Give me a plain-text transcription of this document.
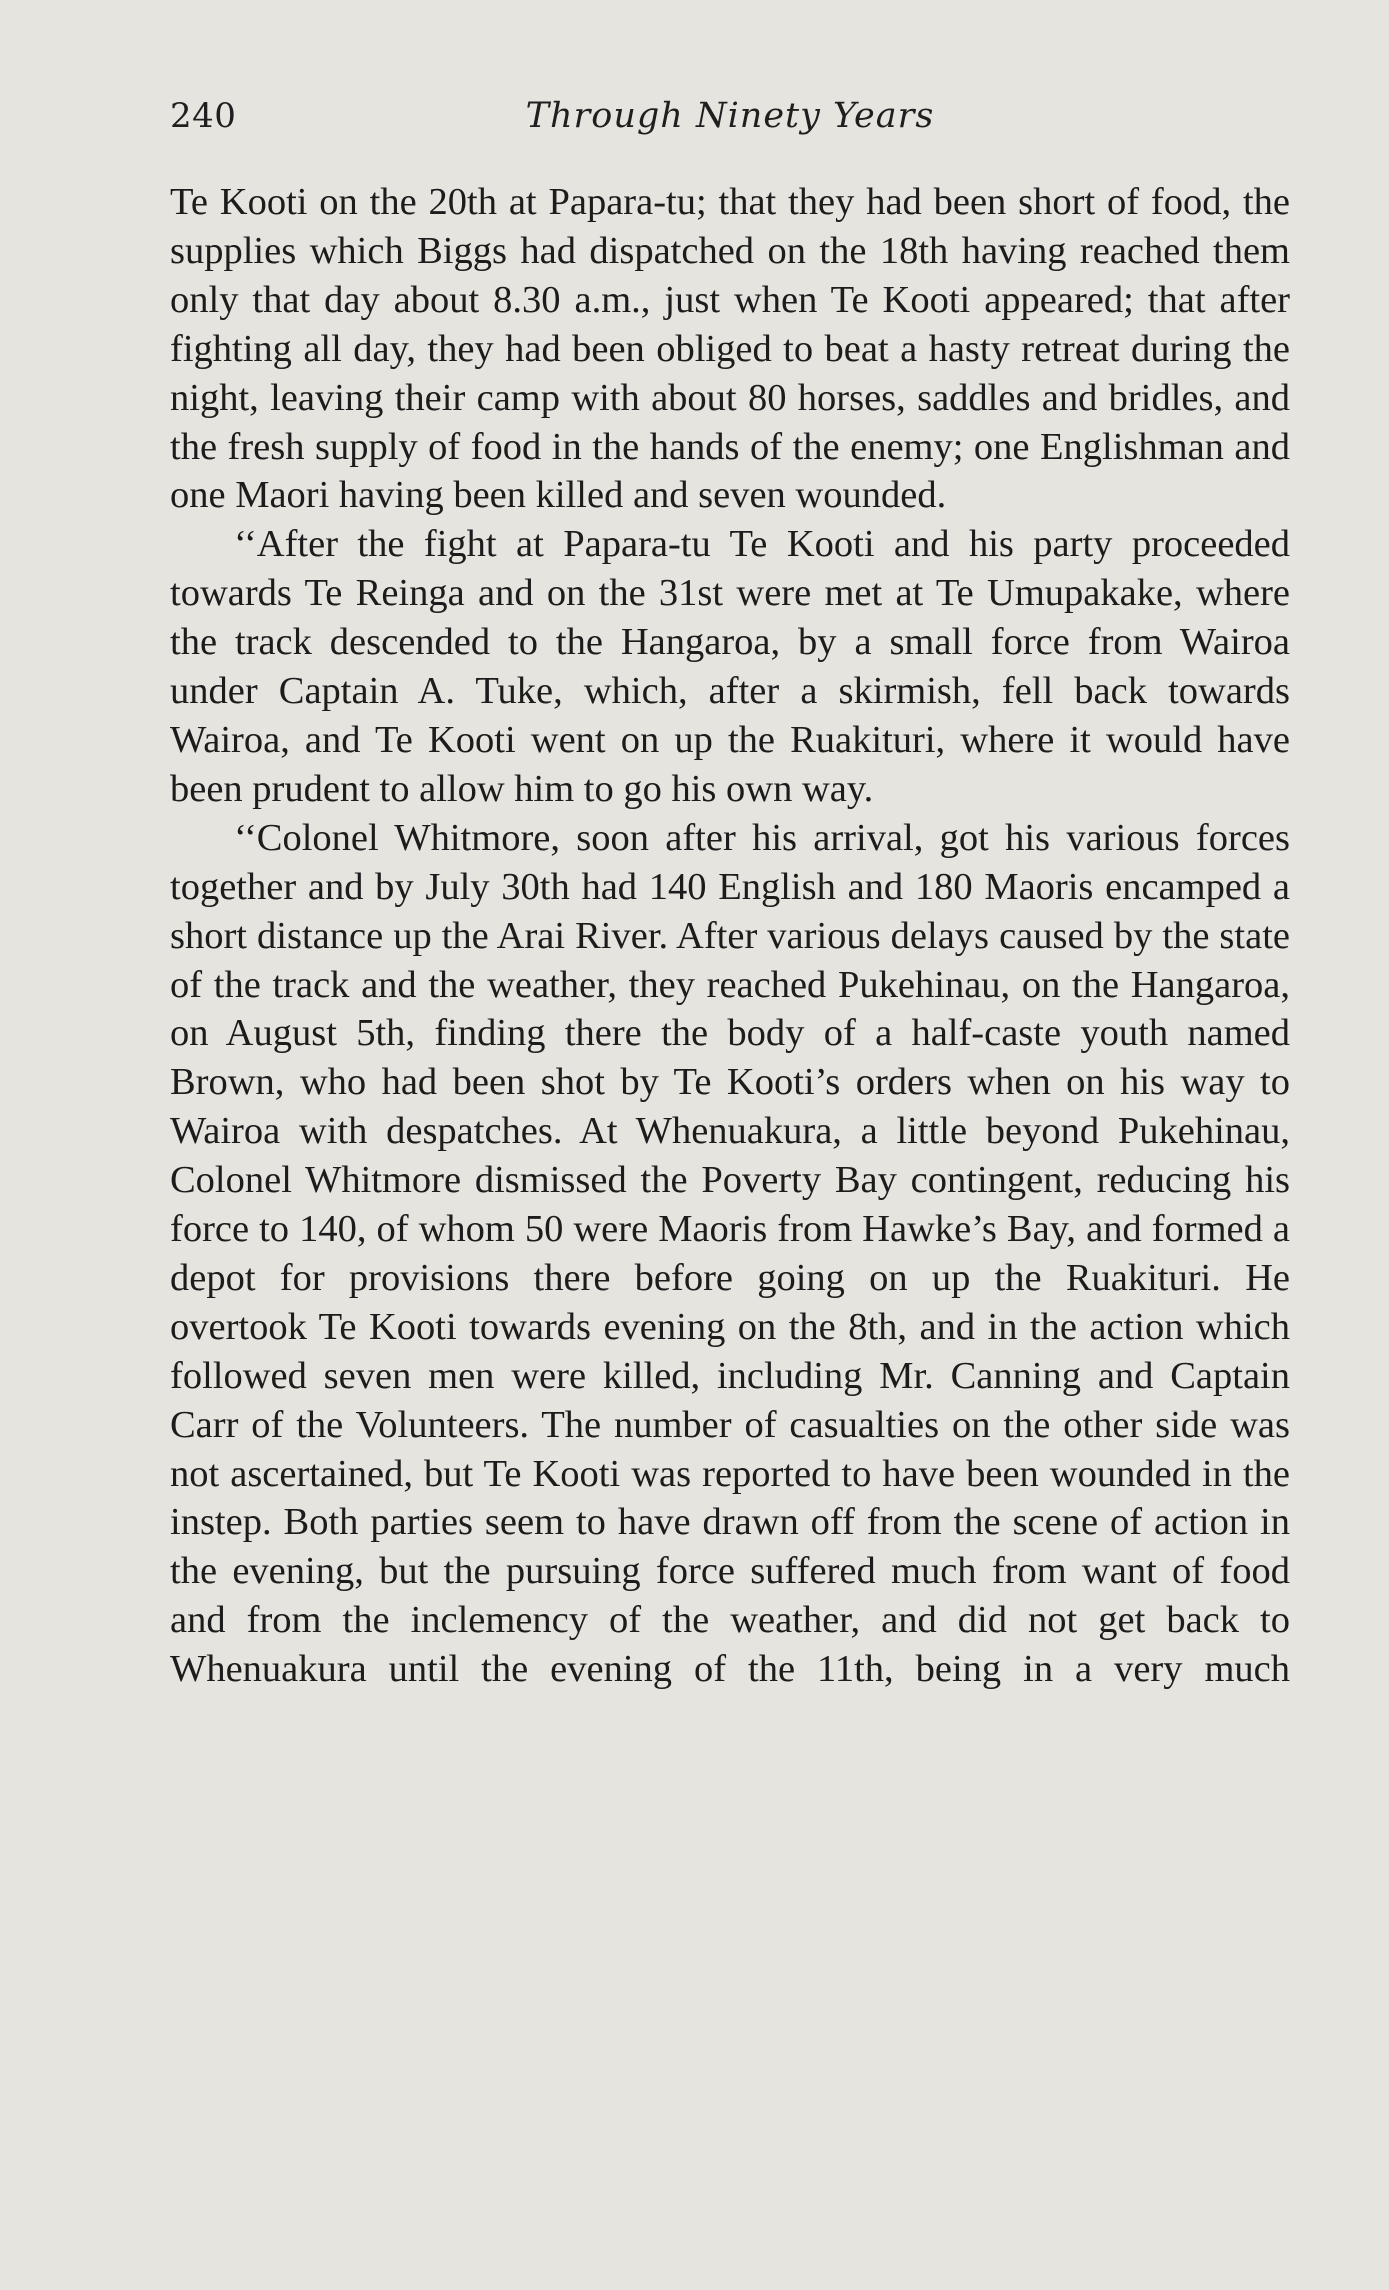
240	Through Ninety Years

Te Kooti on the 20th at Papara-tu; that they had been short of food, the supplies which Biggs had dispatched on the 18th having reached them only that day about 8.30 a.m., just when Te Kooti appeared; that after fighting all day, they had been obliged to beat a hasty retreat during the night, leaving their camp with about 80 horses, saddles and bridles, and the fresh supply of food in the hands of the enemy; one Englishman and one Maori having been killed and seven wounded.

‘‘After the fight at Papara-tu Te Kooti and his party proceeded towards Te Reinga and on the 31st were met at Te Umupakake, where the track descended to the Hangaroa, by a small force from Wairoa under Captain A. Tuke, which, after a skirmish, fell back towards Wairoa, and Te Kooti went on up the Ruakituri, where it would have been prudent to allow him to go his own way.

‘‘Colonel Whitmore, soon after his arrival, got his various forces together and by July 30th had 140 English and 180 Maoris encamped a short distance up the Arai River. After various delays caused by the state of the track and the weather, they reached Pukehinau, on the Hangaroa, on August 5th, finding there the body of a half-caste youth named Brown, who had been shot by Te Kooti’s orders when on his way to Wairoa with despatches. At Whenuakura, a little beyond Pukehinau, Colonel Whitmore dismissed the Poverty Bay contingent, reducing his force to 140, of whom 50 were Maoris from Hawke’s Bay, and formed a depot for provisions there before going on up the Ruakituri. He overtook Te Kooti towards evening on the 8th, and in the action which followed seven men were killed, including Mr. Canning and Captain Carr of the Volunteers. The number of casualties on the other side was not ascertained, but Te Kooti was reported to have been wounded in the instep. Both parties seem to have drawn off from the scene of action in the evening, but the pursuing force suffered much from want of food and from the inclemency of the weather, and did not get back to Whenuakura until the evening of the 11th, being in a very much
